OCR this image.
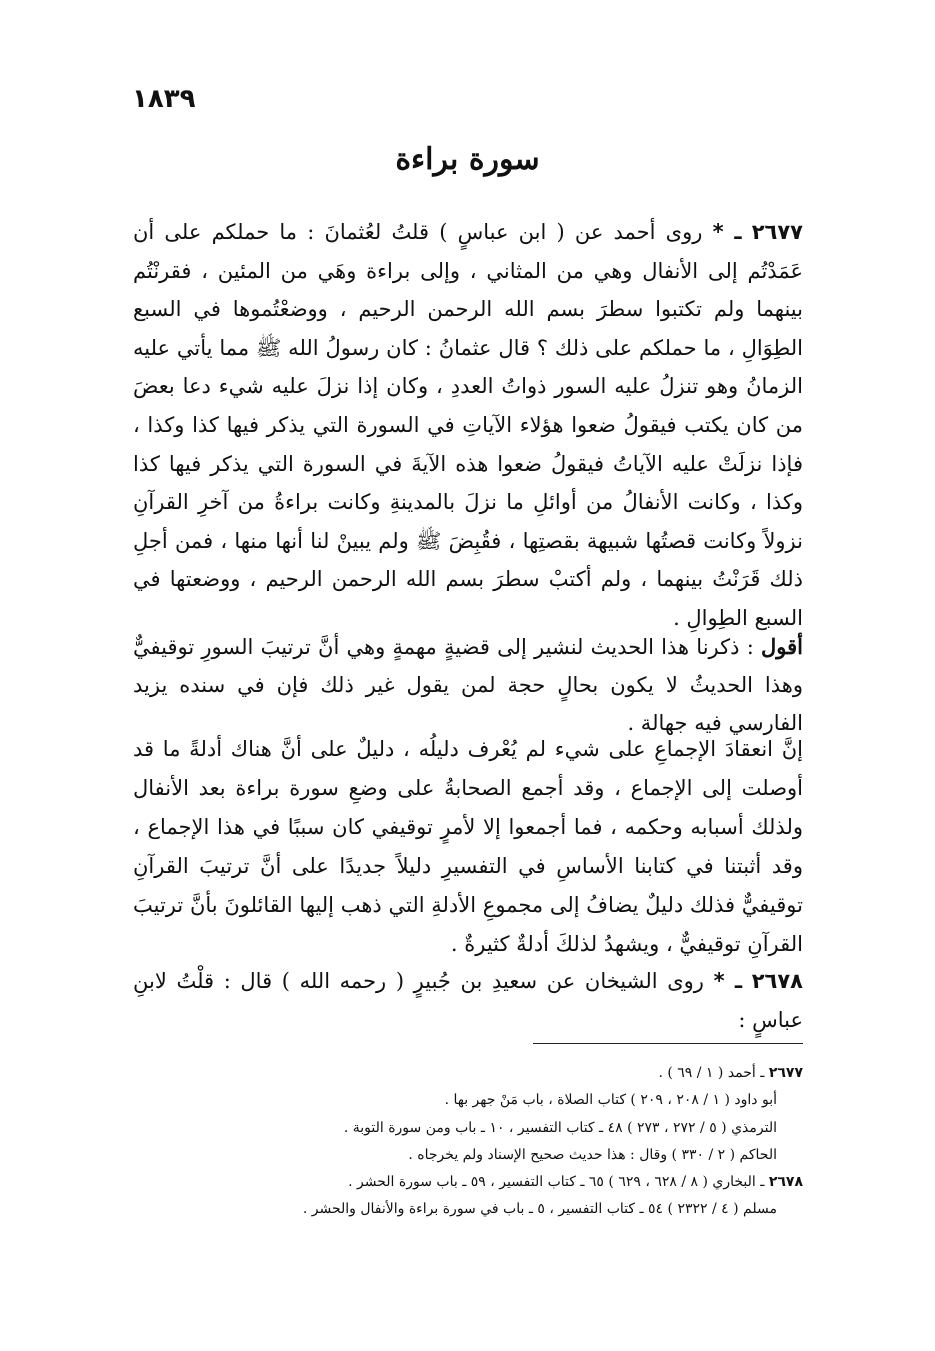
١٨٣٩
سورة براءة
٢٦٧٧ ـ * روى أحمد عن ( ابن عباسٍ ) قلتُ لعُثمانَ : ما حملكم على أن عَمَدْتُم إلى الأنفال وهي من المثاني ، وإلى براءة وهَي من المئين ، فقرنْتُم بينهما ولم تكتبوا سطرَ بسم الله الرحمن الرحيم ، ووضعْتُموها في السبع الطِوَالِ ، ما حملكم على ذلك ؟ قال عثمانُ : كان رسولُ الله ﷺ مما يأتي عليه الزمانُ وهو تنزلُ عليه السور ذواتُ العددِ ، وكان إذا نزلَ عليه شيء دعا بعضَ من كان يكتب فيقولُ ضعوا هؤلاء الآياتِ في السورة التي يذكر فيها كذا وكذا ، فإذا نزلَتْ عليه الآياتُ فيقولُ ضعوا هذه الآيةَ في السورة التي يذكر فيها كذا وكذا ، وكانت الأنفالُ من أوائلِ ما نزلَ بالمدينةِ وكانت براءةُ من آخرِ القرآنِ نزولاً وكانت قصتُها شبيهة بقصتِها ، فقُبِضَ ﷺ ولم يبينْ لنا أنها منها ، فمن أجلِ ذلك قَرَنْتُ بينهما ، ولم أكتبْ سطرَ بسم الله الرحمن الرحيم ، ووضعتها في السبع الطِوالِ .
أقول : ذكرنا هذا الحديث لنشير إلى قضيةٍ مهمةٍ وهي أنَّ ترتيبَ السورِ توقيفيٌّ وهذا الحديثُ لا يكون بحالٍ حجة لمن يقول غير ذلك فإن في سنده يزيد الفارسي فيه جهالة .
إنَّ انعقادَ الإجماعِ على شيء لم يُعْرف دليلُه ، دليلٌ على أنَّ هناك أدلةً ما قد أوصلت إلى الإجماع ، وقد أجمع الصحابةُ على وضعِ سورة براءة بعد الأنفال ولذلك أسبابه وحكمه ، فما أجمعوا إلا لأمرٍ توقيفي كان سببًا في هذا الإجماع ، وقد أثبتنا في كتابنا الأساسِ في التفسيرِ دليلاً جديدًا على أنَّ ترتيبَ القرآنِ توقيفيٌّ فذلك دليلٌ يضافُ إلى مجموعِ الأدلةِ التي ذهب إليها القائلونَ بأنَّ ترتيبَ القرآنِ توقيفيٌّ ، ويشهدُ لذلكَ أدلةٌ كثيرةٌ .
٢٦٧٨ ـ * روى الشيخان عن سعيدِ بن جُبيرٍ ( رحمه الله ) قال : قلْتُ لابنِ عباسٍ :

٢٦٧٧ ـ أحمد ( ١ / ٦٩ ) .

أبو داود ( ١ / ٢٠٨ ، ٢٠٩ ) كتاب الصلاة ، باب مَنْ جهر بها .

الترمذي ( ٥ / ٢٧٢ ، ٢٧٣ ) ٤٨ ـ كتاب التفسير ، ١٠ ـ باب ومن سورة التوبة .

الحاكم ( ٢ / ٣٣٠ ) وقال : هذا حديث صحيح الإسناد ولم يخرجاه .

٢٦٧٨ ـ البخاري ( ٨ / ٦٢٨ ، ٦٢٩ ) ٦٥ ـ كتاب التفسير ، ٥٩ ـ باب سورة الحشر .

مسلم ( ٤ / ٢٣٢٢ ) ٥٤ ـ كتاب التفسير ، ٥ ـ باب في سورة براءة والأنفال والحشر .
